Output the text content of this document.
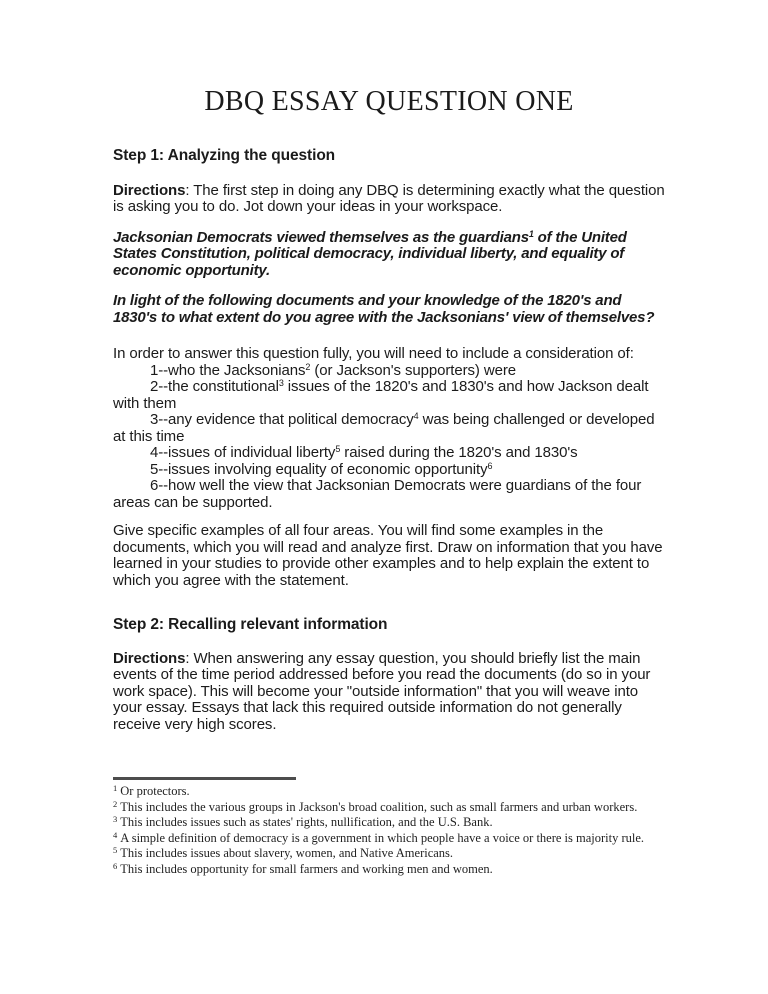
DBQ ESSAY QUESTION ONE
Step 1: Analyzing the question

Directions: The first step in doing any DBQ is determining exactly what the question is asking you to do. Jot down your ideas in your workspace.

Jacksonian Democrats viewed themselves as the guardians$^1$ of the United States Constitution, political democracy, individual liberty, and equality of economic opportunity.

In light of the following documents and your knowledge of the 1820's and 1830's to what extent do you agree with the Jacksonians' view of themselves?

In order to answer this question fully, you will need to include a consideration of:
1--who the Jacksonians$^2$ (or Jackson's supporters) were
2--the constitutional$^3$ issues of the 1820's and 1830's and how Jackson dealt with them
3--any evidence that political democracy$^4$ was being challenged or developed at this time
4--issues of individual liberty$^5$ raised during the 1820's and 1830's
5--issues involving equality of economic opportunity$^6$
6--how well the view that Jacksonian Democrats were guardians of the four areas can be supported.

Give specific examples of all four areas. You will find some examples in the documents, which you will read and analyze first. Draw on information that you have learned in your studies to provide other examples and to help explain the extent to which you agree with the statement.

Step 2: Recalling relevant information

Directions: When answering any essay question, you should briefly list the main events of the time period addressed before you read the documents (do so in your work space). This will become your "outside information" that you will weave into your essay. Essays that lack this required outside information do not generally receive very high scores.

$^1$ Or protectors.
$^2$ This includes the various groups in Jackson's broad coalition, such as small farmers and urban workers.
$^3$ This includes issues such as states' rights, nullification, and the U.S. Bank.
$^4$ A simple definition of democracy is a government in which people have a voice or there is majority rule.
$^5$ This includes issues about slavery, women, and Native Americans.
$^6$ This includes opportunity for small farmers and working men and women.
